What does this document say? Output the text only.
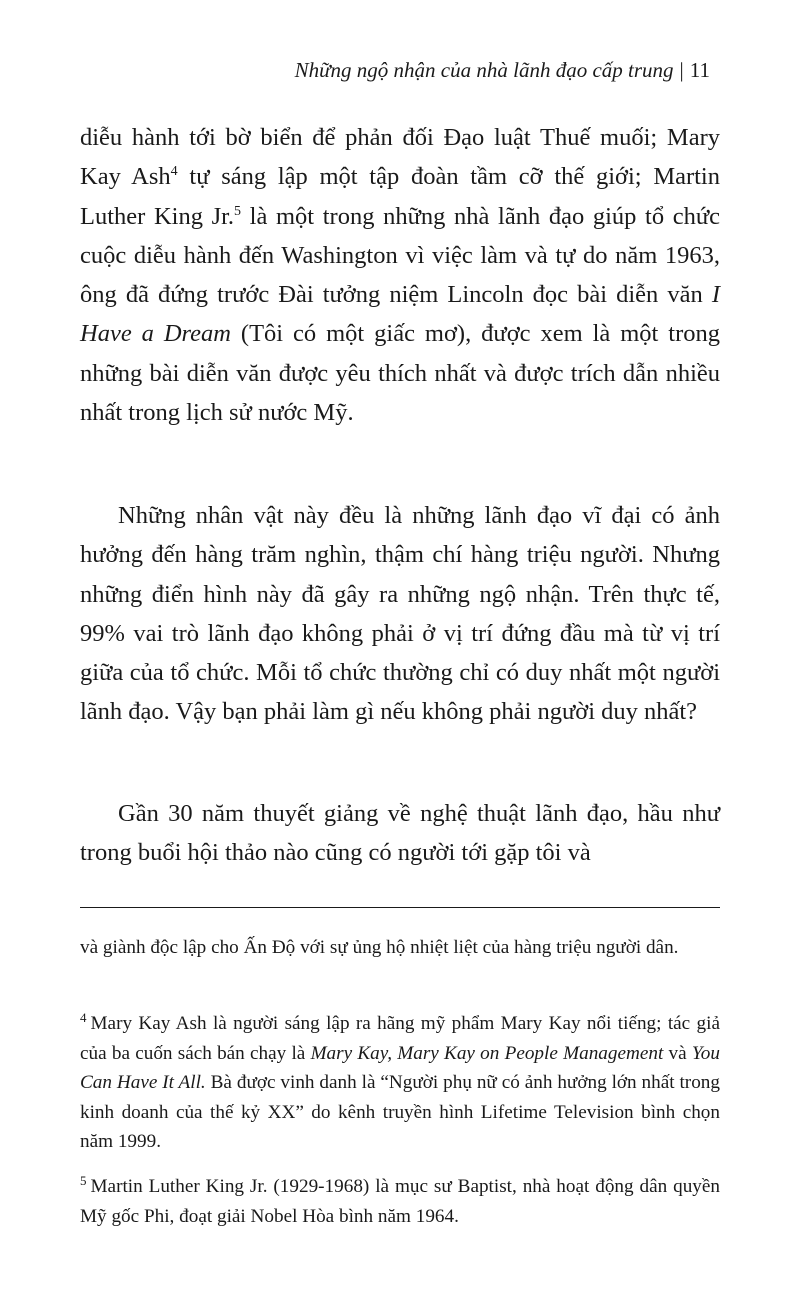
Những ngộ nhận của nhà lãnh đạo cấp trung | 11

diễu hành tới bờ biển để phản đối Đạo luật Thuế muối; Mary Kay Ash$^4$ tự sáng lập một tập đoàn tầm cỡ thế giới; Martin Luther King Jr.$^5$ là một trong những nhà lãnh đạo giúp tổ chức cuộc diễu hành đến Washington vì việc làm và tự do năm 1963, ông đã đứng trước Đài tưởng niệm Lincoln đọc bài diễn văn I Have a Dream (Tôi có một giấc mơ), được xem là một trong những bài diễn văn được yêu thích nhất và được trích dẫn nhiều nhất trong lịch sử nước Mỹ.

Những nhân vật này đều là những lãnh đạo vĩ đại có ảnh hưởng đến hàng trăm nghìn, thậm chí hàng triệu người. Nhưng những điển hình này đã gây ra những ngộ nhận. Trên thực tế, 99% vai trò lãnh đạo không phải ở vị trí đứng đầu mà từ vị trí giữa của tổ chức. Mỗi tổ chức thường chỉ có duy nhất một người lãnh đạo. Vậy bạn phải làm gì nếu không phải người duy nhất?

Gần 30 năm thuyết giảng về nghệ thuật lãnh đạo, hầu như trong buổi hội thảo nào cũng có người tới gặp tôi và

và giành độc lập cho Ấn Độ với sự ủng hộ nhiệt liệt của hàng triệu người dân.

$^4$ Mary Kay Ash là người sáng lập ra hãng mỹ phẩm Mary Kay nổi tiếng; tác giả của ba cuốn sách bán chạy là Mary Kay, Mary Kay on People Management và You Can Have It All. Bà được vinh danh là “Người phụ nữ có ảnh hưởng lớn nhất trong kinh doanh của thế kỷ XX” do kênh truyền hình Lifetime Television bình chọn năm 1999.

$^5$ Martin Luther King Jr. (1929-1968) là mục sư Baptist, nhà hoạt động dân quyền Mỹ gốc Phi, đoạt giải Nobel Hòa bình năm 1964.
